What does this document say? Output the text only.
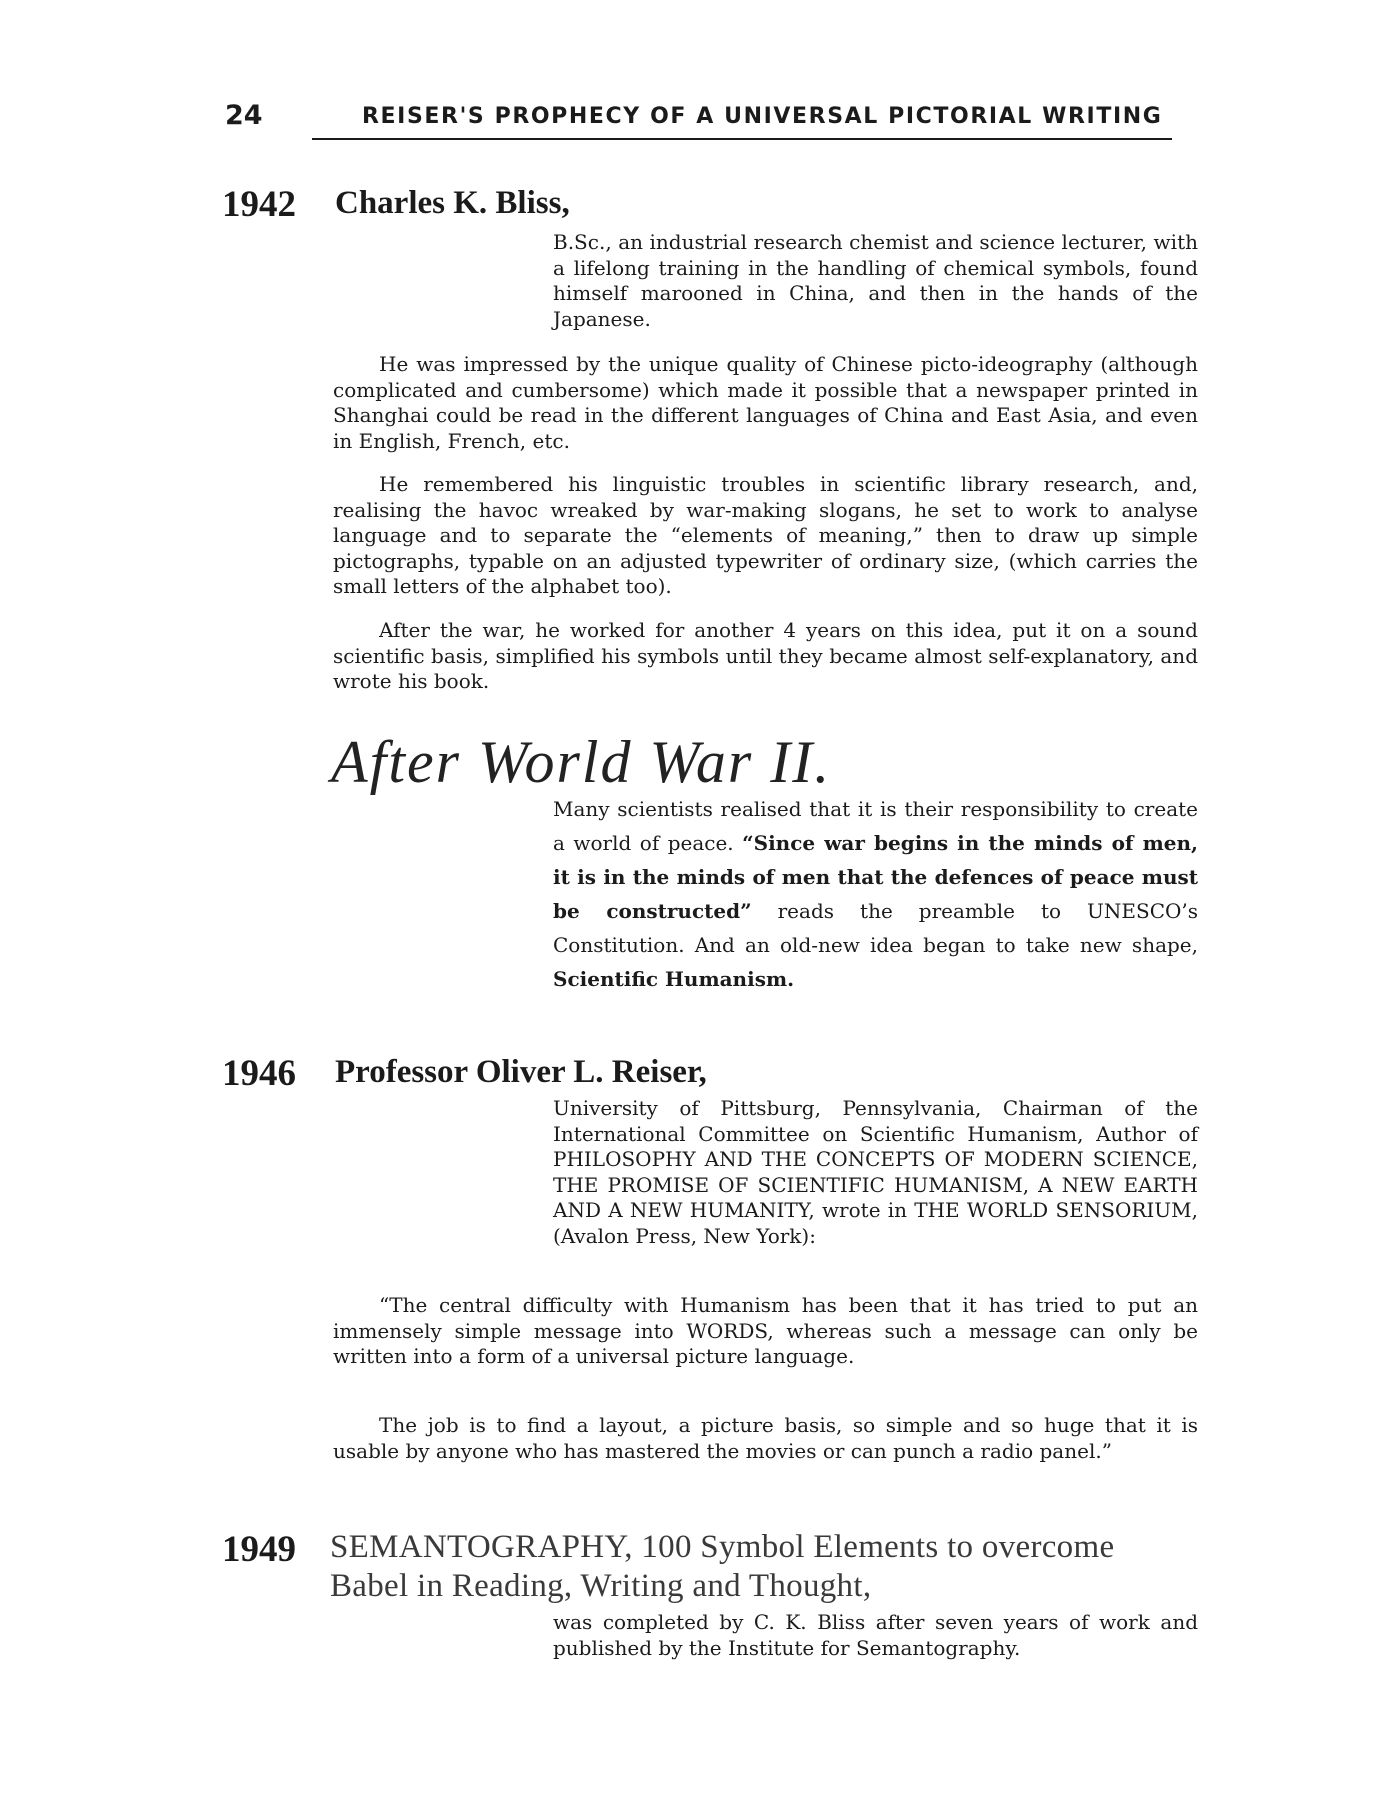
24	REISER'S PROPHECY OF A UNIVERSAL PICTORIAL WRITING
1942 Charles K. Bliss,

B.Sc., an industrial research chemist and science lecturer, with a lifelong training in the handling of chemical symbols, found himself marooned in China, and then in the hands of the Japanese.

He was impressed by the unique quality of Chinese picto-ideography (although complicated and cumbersome) which made it possible that a newspaper printed in Shanghai could be read in the different languages of China and East Asia, and even in English, French, etc.

He remembered his linguistic troubles in scientific library research, and, realising the havoc wreaked by war-making slogans, he set to work to analyse language and to separate the “elements of meaning,” then to draw up simple pictographs, typable on an adjusted typewriter of ordinary size, (which carries the small letters of the alphabet too).

After the war, he worked for another 4 years on this idea, put it on a sound scientific basis, simplified his symbols until they became almost self-explanatory, and wrote his book.

After World War II.

Many scientists realised that it is their responsibility to create a world of peace. “Since war begins in the minds of men, it is in the minds of men that the defences of peace must be constructed” reads the preamble to UNESCO’s Constitution. And an old-new idea began to take new shape, Scientific Humanism.

1946 Professor Oliver L. Reiser,

University of Pittsburg, Pennsylvania, Chairman of the International Committee on Scientific Humanism, Author of PHILOSOPHY AND THE CONCEPTS OF MODERN SCIENCE, THE PROMISE OF SCIENTIFIC HUMANISM, A NEW EARTH AND A NEW HUMANITY, wrote in THE WORLD SENSORIUM, (Avalon Press, New York):

“The central difficulty with Humanism has been that it has tried to put an immensely simple message into WORDS, whereas such a message can only be written into a form of a universal picture language.

The job is to find a layout, a picture basis, so simple and so huge that it is usable by anyone who has mastered the movies or can punch a radio panel.”

1949 SEMANTOGRAPHY, 100 Symbol Elements to overcome Babel in Reading, Writing and Thought,

was completed by C. K. Bliss after seven years of work and published by the Institute for Semantography.
